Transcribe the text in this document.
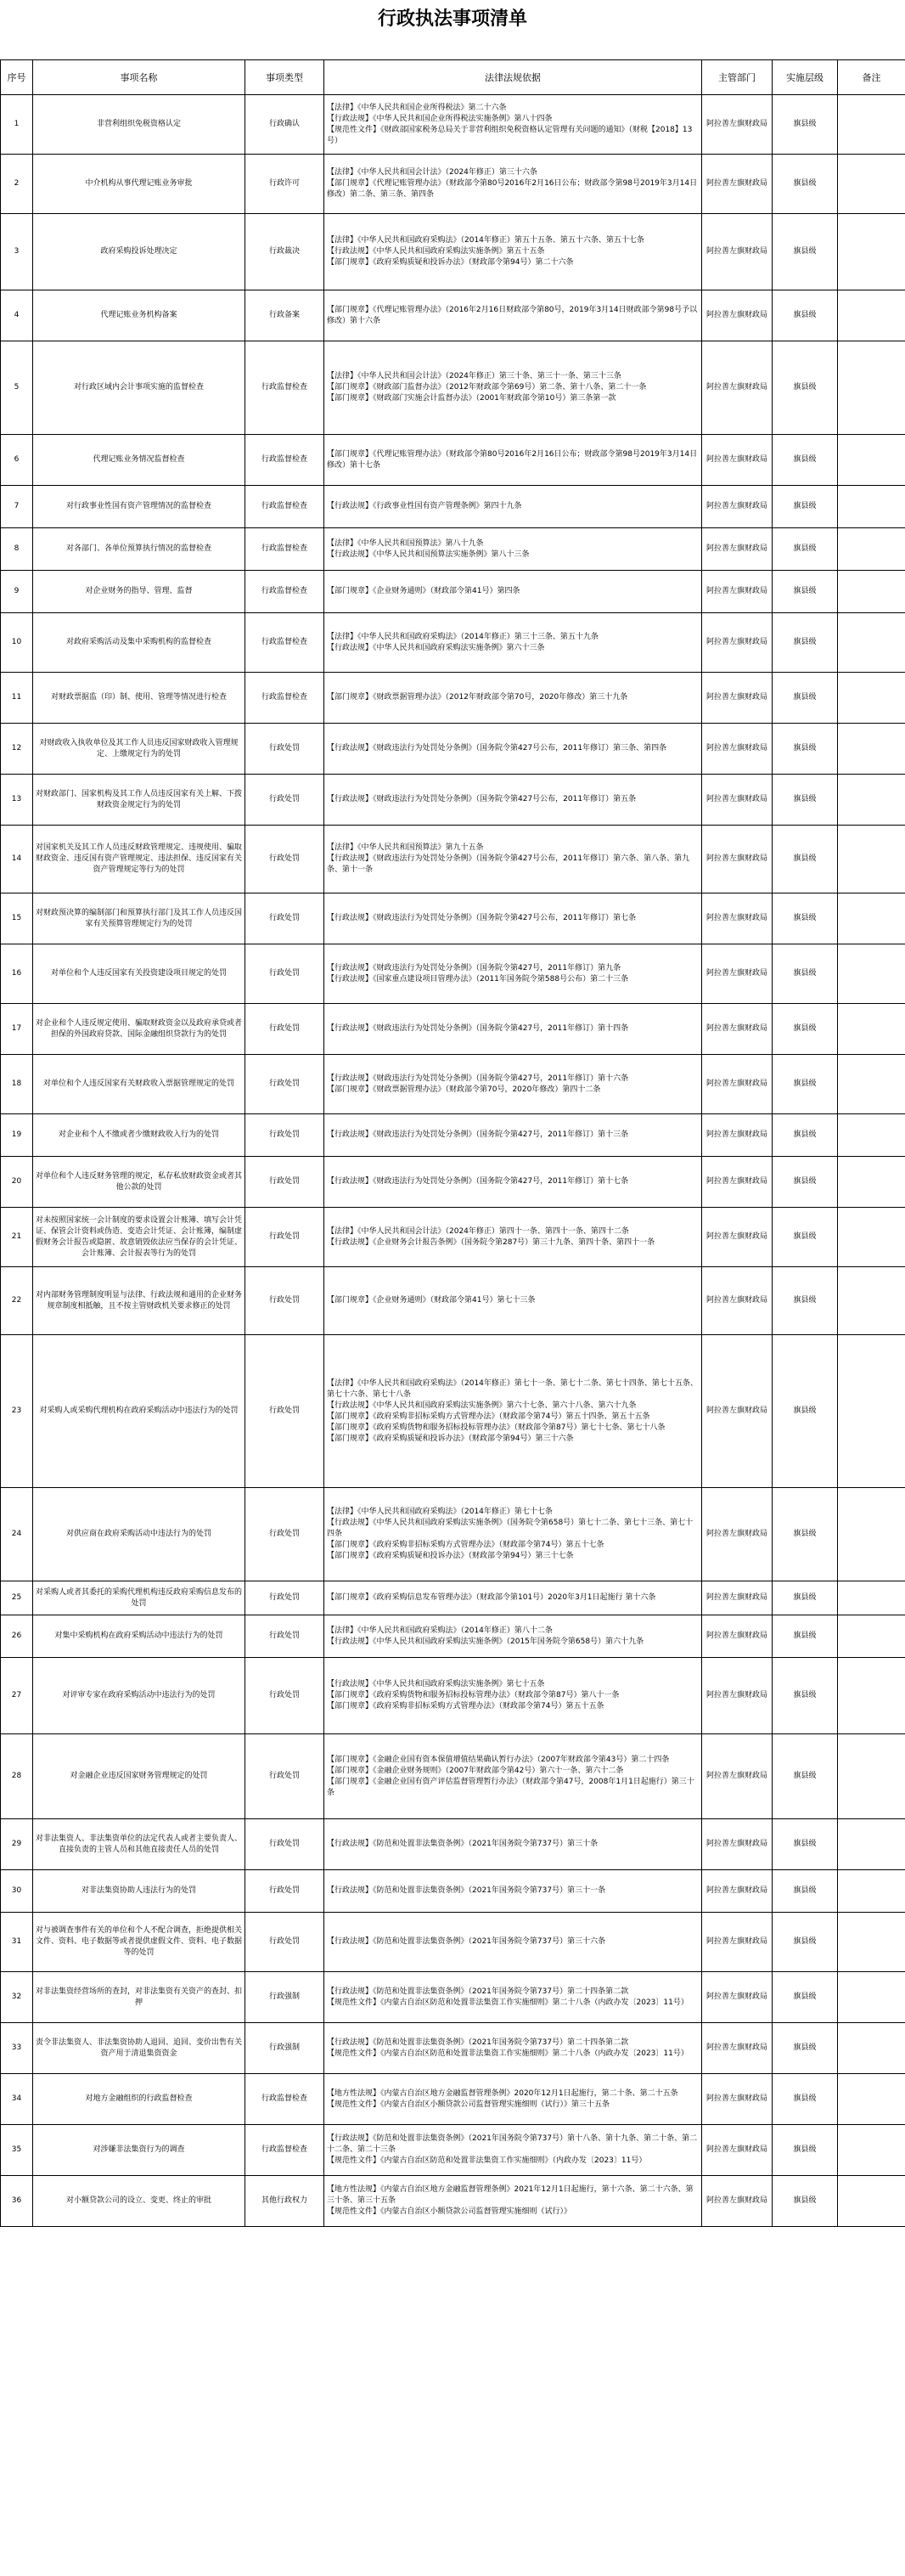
行政执法事项清单
序号	事项名称	事项类型	法律法规依据	主管部门	实施层级	备注
1	非营利组织免税资格认定	行政确认	【法律】《中华人民共和国企业所得税法》第二十六条
【行政法规】《中华人民共和国企业所得税法实施条例》第八十四条
【规范性文件】《财政部国家税务总局关于非营利组织免税资格认定管理有关问题的通知》（财税【2018】13号）	阿拉善左旗财政局	旗县级	
2	中介机构从事代理记账业务审批	行政许可	【法律】《中华人民共和国会计法》（2024年修正）第三十六条
【部门规章】《代理记账管理办法》（财政部令第80号2016年2月16日公布；财政部令第98号2019年3月14日修改）第二条、第三条、第四条	阿拉善左旗财政局	旗县级	
3	政府采购投诉处理决定	行政裁决	【法律】《中华人民共和国政府采购法》（2014年修正）第五十五条、第五十六条、第五十七条
【行政法规】《中华人民共和国政府采购法实施条例》第五十五条
【部门规章】《政府采购质疑和投诉办法》（财政部令第94号）第二十六条	阿拉善左旗财政局	旗县级	
4	代理记账业务机构备案	行政备案	【部门规章】《代理记账管理办法》（2016年2月16日财政部令第80号，2019年3月14日财政部令第98号予以修改）第十六条	阿拉善左旗财政局	旗县级	
5	对行政区域内会计事项实施的监督检查	行政监督检查	【法律】《中华人民共和国会计法》（2024年修正）第三十条、第三十一条、第三十三条
【部门规章】《财政部门监督办法》（2012年财政部令第69号）第二条、第十八条、第二十一条
【部门规章】《财政部门实施会计监督办法》（2001年财政部令第10号）第三条第一款	阿拉善左旗财政局	旗县级	
6	代理记账业务情况监督检查	行政监督检查	【部门规章】《代理记账管理办法》（财政部令第80号2016年2月16日公布；财政部令第98号2019年3月14日修改）第十七条	阿拉善左旗财政局	旗县级	
7	对行政事业性国有资产管理情况的监督检查	行政监督检查	【行政法规】《行政事业性国有资产管理条例》第四十九条	阿拉善左旗财政局	旗县级	
8	对各部门、各单位预算执行情况的监督检查	行政监督检查	【法律】《中华人民共和国预算法》第八十九条
【行政法规】《中华人民共和国预算法实施条例》第八十三条	阿拉善左旗财政局	旗县级	
9	对企业财务的指导、管理、监督	行政监督检查	【部门规章】《企业财务通则》（财政部令第41号）第四条	阿拉善左旗财政局	旗县级	
10	对政府采购活动及集中采购机构的监督检查	行政监督检查	【法律】《中华人民共和国政府采购法》（2014年修正）第三十三条、第五十九条
【行政法规】《中华人民共和国政府采购法实施条例》第六十三条	阿拉善左旗财政局	旗县级	
11	对财政票据监（印）制、使用、管理等情况进行检查	行政监督检查	【部门规章】《财政票据管理办法》（2012年财政部令第70号，2020年修改）第三十九条	阿拉善左旗财政局	旗县级	
12	对财政收入执收单位及其工作人员违反国家财政收入管理规定、上缴规定行为的处罚	行政处罚	【行政法规】《财政违法行为处罚处分条例》（国务院令第427号公布，2011年修订）第三条、第四条	阿拉善左旗财政局	旗县级	
13	对财政部门、国家机构及其工作人员违反国家有关上解、下拨财政资金规定行为的处罚	行政处罚	【行政法规】《财政违法行为处罚处分条例》（国务院令第427号公布，2011年修订）第五条	阿拉善左旗财政局	旗县级	
14	对国家机关及其工作人员违反财政管理规定、违规使用、骗取财政资金、违反国有资产管理规定、违法担保、违反国家有关资产管理规定等行为的处罚	行政处罚	【法律】《中华人民共和国预算法》第九十五条
【行政法规】《财政违法行为处罚处分条例》（国务院令第427号公布，2011年修订）第六条、第八条、第九条、第十一条	阿拉善左旗财政局	旗县级	
15	对财政预决算的编制部门和预算执行部门及其工作人员违反国家有关预算管理规定行为的处罚	行政处罚	【行政法规】《财政违法行为处罚处分条例》（国务院令第427号公布，2011年修订）第七条	阿拉善左旗财政局	旗县级	
16	对单位和个人违反国家有关投资建设项目规定的处罚	行政处罚	【行政法规】《财政违法行为处罚处分条例》（国务院令第427号，2011年修订）第九条
【行政法规】《国家重点建设项目管理办法》（2011年国务院令第588号公布）第二十三条	阿拉善左旗财政局	旗县级	
17	对企业和个人违反规定使用、骗取财政资金以及政府承贷或者担保的外国政府贷款、国际金融组织贷款行为的处罚	行政处罚	【行政法规】《财政违法行为处罚处分条例》（国务院令第427号，2011年修订）第十四条	阿拉善左旗财政局	旗县级	
18	对单位和个人违反国家有关财政收入票据管理规定的处罚	行政处罚	【行政法规】《财政违法行为处罚处分条例》（国务院令第427号，2011年修订）第十六条
【部门规章】《财政票据管理办法》（财政部令第70号，2020年修改）第四十二条	阿拉善左旗财政局	旗县级	
19	对企业和个人不缴或者少缴财政收入行为的处罚	行政处罚	【行政法规】《财政违法行为处罚处分条例》（国务院令第427号，2011年修订）第十三条	阿拉善左旗财政局	旗县级	
20	对单位和个人违反财务管理的规定，私存私放财政资金或者其他公款的处罚	行政处罚	【行政法规】《财政违法行为处罚处分条例》（国务院令第427号，2011年修订）第十七条	阿拉善左旗财政局	旗县级	
21	对未按照国家统一会计制度的要求设置会计账簿、填写会计凭证、保管会计资料或伪造、变造会计凭证、会计账簿，编制虚假财务会计报告或隐匿、故意销毁依法应当保存的会计凭证、会计账簿、会计报表等行为的处罚	行政处罚	【法律】《中华人民共和国会计法》（2024年修正）第四十一条、第四十一条、第四十二条
【行政法规】《企业财务会计报告条例》（国务院令第287号）第三十九条、第四十条、第四十一条	阿拉善左旗财政局	旗县级	
22	对内部财务管理制度明显与法律、行政法规和通用的企业财务规章制度相抵触，且不按主管财政机关要求修正的处罚	行政处罚	【部门规章】《企业财务通则》（财政部令第41号）第七十三条	阿拉善左旗财政局	旗县级	
23	对采购人或采购代理机构在政府采购活动中违法行为的处罚	行政处罚	【法律】《中华人民共和国政府采购法》（2014年修正）第七十一条、第七十二条、第七十四条、第七十五条、第七十六条、第七十八条
【行政法规】《中华人民共和国政府采购法实施条例》第六十七条、第六十八条、第六十九条
【部门规章】《政府采购非招标采购方式管理办法》（财政部令第74号）第五十四条、第五十五条
【部门规章】《政府采购货物和服务招标投标管理办法》（财政部令第87号）第七十七条、第七十八条
【部门规章】《政府采购质疑和投诉办法》（财政部令第94号）第三十六条	阿拉善左旗财政局	旗县级	
24	对供应商在政府采购活动中违法行为的处罚	行政处罚	【法律】《中华人民共和国政府采购法》（2014年修正）第七十七条
【行政法规】《中华人民共和国政府采购法实施条例》（国务院令第658号）第七十二条、第七十三条、第七十四条
【部门规章】《政府采购非招标采购方式管理办法》（财政部令第74号）第五十七条
【部门规章】《政府采购质疑和投诉办法》（财政部令第94号）第三十七条	阿拉善左旗财政局	旗县级	
25	对采购人或者其委托的采购代理机构违反政府采购信息发布的处罚	行政处罚	【部门规章】《政府采购信息发布管理办法》（财政部令第101号）2020年3月1日起施行 第十六条	阿拉善左旗财政局	旗县级	
26	对集中采购机构在政府采购活动中违法行为的处罚	行政处罚	【法律】《中华人民共和国政府采购法》（2014年修正）第八十二条
【行政法规】《中华人民共和国政府采购法实施条例》（2015年国务院令第658号）第六十九条	阿拉善左旗财政局	旗县级	
27	对评审专家在政府采购活动中违法行为的处罚	行政处罚	【行政法规】《中华人民共和国政府采购法实施条例》第七十五条
【部门规章】《政府采购货物和服务招标投标管理办法》（财政部令第87号）第八十一条
【部门规章】《政府采购非招标采购方式管理办法》（财政部令第74号）第五十五条	阿拉善左旗财政局	旗县级	
28	对金融企业违反国家财务管理规定的处罚	行政处罚	【部门规章】《金融企业国有资本保值增值结果确认暂行办法》（2007年财政部令第43号）第二十四条
【部门规章】《金融企业财务规则》（2007年财政部令第42号）第六十一条、第六十二条
【部门规章】《金融企业国有资产评估监督管理暂行办法》（财政部令第47号，2008年1月1日起施行）第三十条	阿拉善左旗财政局	旗县级	
29	对非法集资人、非法集资单位的法定代表人或者主要负责人、直接负责的主管人员和其他直接责任人员的处罚	行政处罚	【行政法规】《防范和处置非法集资条例》（2021年国务院令第737号）第三十条	阿拉善左旗财政局	旗县级	
30	对非法集资协助人违法行为的处罚	行政处罚	【行政法规】《防范和处置非法集资条例》（2021年国务院令第737号）第三十一条	阿拉善左旗财政局	旗县级	
31	对与被调查事件有关的单位和个人不配合调查，拒绝提供相关文件、资料、电子数据等或者提供虚假文件、资料、电子数据等的处罚	行政处罚	【行政法规】《防范和处置非法集资条例》（2021年国务院令第737号）第三十六条	阿拉善左旗财政局	旗县级	
32	对非法集资经营场所的查封，对非法集资有关资产的查封、扣押	行政强制	【行政法规】《防范和处置非法集资条例》（2021年国务院令第737号）第二十四条第二款
【规范性文件】《内蒙古自治区防范和处置非法集资工作实施细则》第二十八条（内政办发〔2023〕11号）	阿拉善左旗财政局	旗县级	
33	责令非法集资人、非法集资协助人退回、追回、变价出售有关资产用于清退集资资金	行政强制	【行政法规】《防范和处置非法集资条例》（2021年国务院令第737号）第二十四条第二款
【规范性文件】《内蒙古自治区防范和处置非法集资工作实施细则》第二十八条（内政办发〔2023〕11号）	阿拉善左旗财政局	旗县级	
34	对地方金融组织的行政监督检查	行政监督检查	【地方性法规】《内蒙古自治区地方金融监督管理条例》2020年12月1日起施行，第二十条、第二十五条
【规范性文件】《内蒙古自治区小额贷款公司监督管理实施细则（试行）》第三十五条	阿拉善左旗财政局	旗县级	
35	对涉嫌非法集资行为的调查	行政监督检查	【行政法规】《防范和处置非法集资条例》（2021年国务院令第737号）第十八条、第十九条、第二十条、第二十二条、第二十三条
【规范性文件】《内蒙古自治区防范和处置非法集资工作实施细则》（内政办发〔2023〕11号）	阿拉善左旗财政局	旗县级	
36	对小额贷款公司的设立、变更、终止的审批	其他行政权力	【地方性法规】《内蒙古自治区地方金融监督管理条例》2021年12月1日起施行，第十六条、第二十六条、第三十条、第三十五条
【规范性文件】《内蒙古自治区小额贷款公司监督管理实施细则（试行）》	阿拉善左旗财政局	旗县级	
